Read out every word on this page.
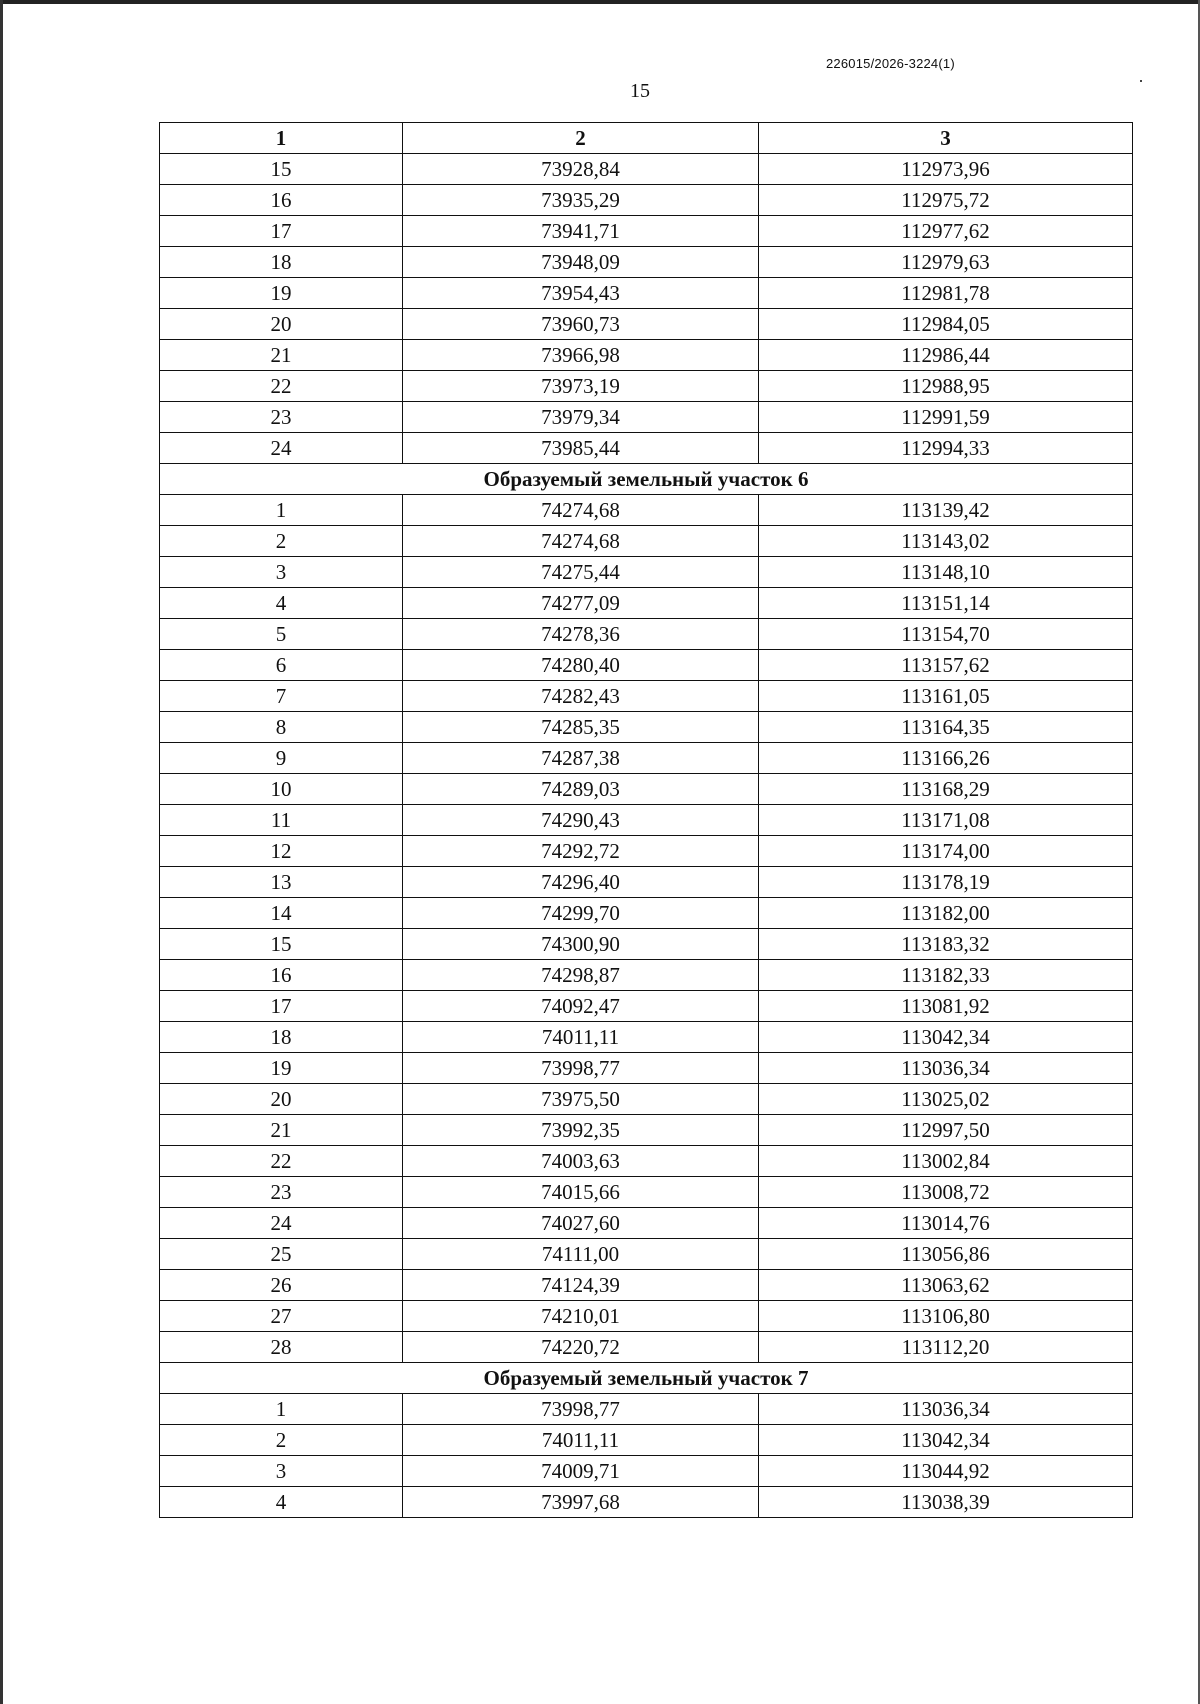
226015/2026-3224(1)
15
1	2	3
15	73928,84	112973,96
16	73935,29	112975,72
17	73941,71	112977,62
18	73948,09	112979,63
19	73954,43	112981,78
20	73960,73	112984,05
21	73966,98	112986,44
22	73973,19	112988,95
23	73979,34	112991,59
24	73985,44	112994,33
Образуемый земельный участок 6		
1	74274,68	113139,42
2	74274,68	113143,02
3	74275,44	113148,10
4	74277,09	113151,14
5	74278,36	113154,70
6	74280,40	113157,62
7	74282,43	113161,05
8	74285,35	113164,35
9	74287,38	113166,26
10	74289,03	113168,29
11	74290,43	113171,08
12	74292,72	113174,00
13	74296,40	113178,19
14	74299,70	113182,00
15	74300,90	113183,32
16	74298,87	113182,33
17	74092,47	113081,92
18	74011,11	113042,34
19	73998,77	113036,34
20	73975,50	113025,02
21	73992,35	112997,50
22	74003,63	113002,84
23	74015,66	113008,72
24	74027,60	113014,76
25	74111,00	113056,86
26	74124,39	113063,62
27	74210,01	113106,80
28	74220,72	113112,20
Образуемый земельный участок 7		
1	73998,77	113036,34
2	74011,11	113042,34
3	74009,71	113044,92
4	73997,68	113038,39
